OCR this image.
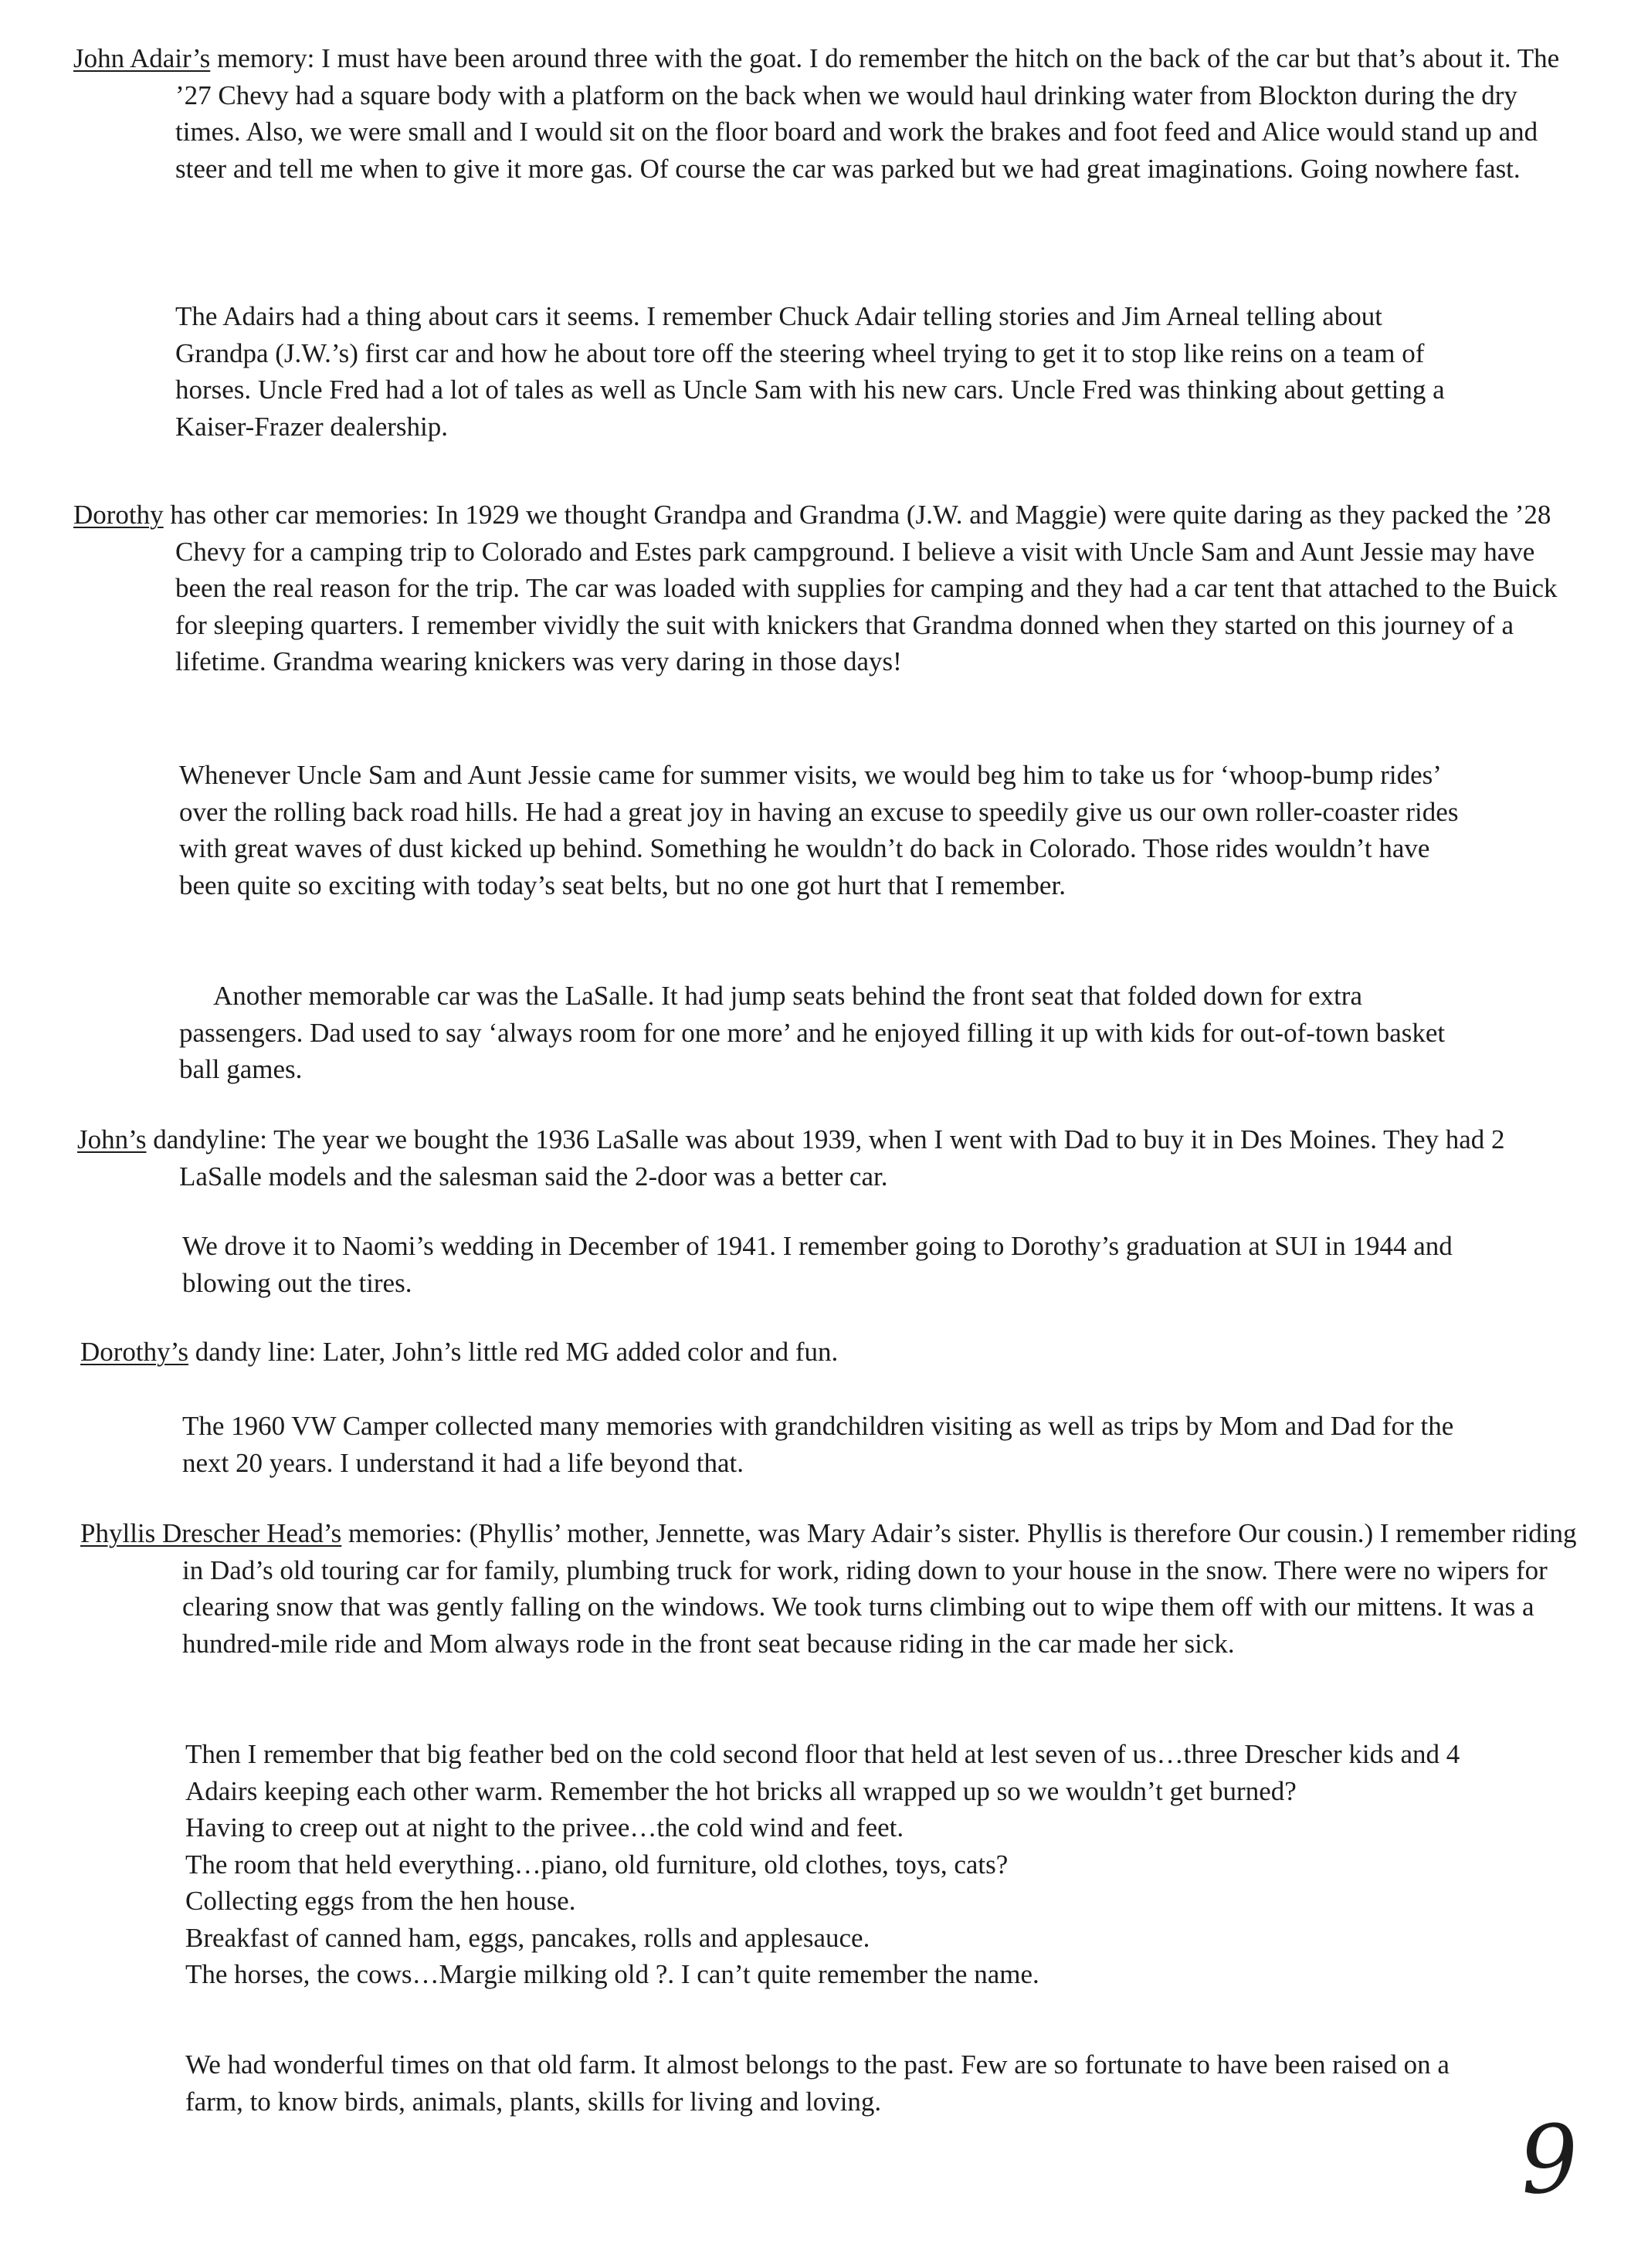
John Adair’s memory: I must have been around three with the goat. I do remember the hitch on the back of the car but that’s about it. The ’27 Chevy had a square body with a platform on the back when we would haul drinking water from Blockton during the dry times. Also, we were small and I would sit on the floor board and work the brakes and foot feed and Alice would stand up and steer and tell me when to give it more gas. Of course the car was parked but we had great imaginations. Going nowhere fast.

The Adairs had a thing about cars it seems. I remember Chuck Adair telling stories and Jim Arneal telling about Grandpa (J.W.’s) first car and how he about tore off the steering wheel trying to get it to stop like reins on a team of horses. Uncle Fred had a lot of tales as well as Uncle Sam with his new cars. Uncle Fred was thinking about getting a Kaiser-Frazer dealership.

Dorothy has other car memories: In 1929 we thought Grandpa and Grandma (J.W. and Maggie) were quite daring as they packed the ’28 Chevy for a camping trip to Colorado and Estes park campground. I believe a visit with Uncle Sam and Aunt Jessie may have been the real reason for the trip. The car was loaded with supplies for camping and they had a car tent that attached to the Buick for sleeping quarters. I remember vividly the suit with knickers that Grandma donned when they started on this journey of a lifetime. Grandma wearing knickers was very daring in those days!

Whenever Uncle Sam and Aunt Jessie came for summer visits, we would beg him to take us for ‘whoop-bump rides’ over the rolling back road hills. He had a great joy in having an excuse to speedily give us our own roller-coaster rides with great waves of dust kicked up behind. Something he wouldn’t do back in Colorado. Those rides wouldn’t have been quite so exciting with today’s seat belts, but no one got hurt that I remember.

Another memorable car was the LaSalle. It had jump seats behind the front seat that folded down for extra passengers. Dad used to say ‘always room for one more’ and he enjoyed filling it up with kids for out-of-town basket ball games.

John’s dandyline: The year we bought the 1936 LaSalle was about 1939, when I went with Dad to buy it in Des Moines. They had 2 LaSalle models and the salesman said the 2-door was a better car.

We drove it to Naomi’s wedding in December of 1941. I remember going to Dorothy’s graduation at SUI in 1944 and blowing out the tires.

Dorothy’s dandy line: Later, John’s little red MG added color and fun.

The 1960 VW Camper collected many memories with grandchildren visiting as well as trips by Mom and Dad for the next 20 years. I understand it had a life beyond that.

Phyllis Drescher Head’s memories: (Phyllis’ mother, Jennette, was Mary Adair’s sister. Phyllis is therefore Our cousin.) I remember riding in Dad’s old touring car for family, plumbing truck for work, riding down to your house in the snow. There were no wipers for clearing snow that was gently falling on the windows. We took turns climbing out to wipe them off with our mittens. It was a hundred-mile ride and Mom always rode in the front seat because riding in the car made her sick.

Then I remember that big feather bed on the cold second floor that held at lest seven of us…three Drescher kids and 4 Adairs keeping each other warm. Remember the hot bricks all wrapped up so we wouldn’t get burned?
Having to creep out at night to the privee…the cold wind and feet.
The room that held everything…piano, old furniture, old clothes, toys, cats?
Collecting eggs from the hen house.
Breakfast of canned ham, eggs, pancakes, rolls and applesauce.
The horses, the cows…Margie milking old ?. I can’t quite remember the name.

We had wonderful times on that old farm. It almost belongs to the past. Few are so fortunate to have been raised on a farm, to know birds, animals, plants, skills for living and loving.

9
